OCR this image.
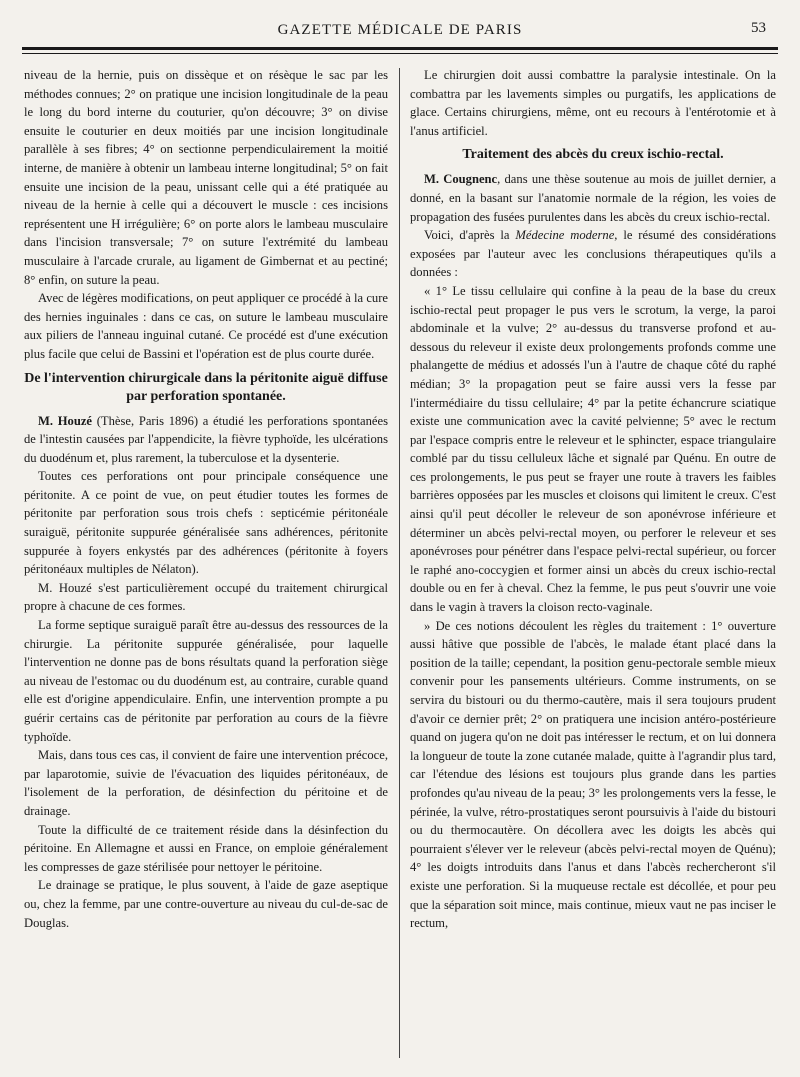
GAZETTE MÉDICALE DE PARIS	53

niveau de la hernie, puis on dissèque et on résèque le sac par les méthodes connues; 2° on pratique une incision longitudinale de la peau le long du bord interne du couturier, qu'on découvre; 3° on divise ensuite le couturier en deux moitiés par une incision longitudinale parallèle à ses fibres; 4° on sectionne perpendiculairement la moitié interne, de manière à obtenir un lambeau interne longitudinal; 5° on fait ensuite une incision de la peau, unissant celle qui a été pratiquée au niveau de la hernie à celle qui a découvert le muscle : ces incisions représentent une H irrégulière; 6° on porte alors le lambeau musculaire dans l'incision transversale; 7° on suture l'extrémité du lambeau musculaire à l'arcade crurale, au ligament de Gimbernat et au pectiné; 8° enfin, on suture la peau.

Avec de légères modifications, on peut appliquer ce procédé à la cure des hernies inguinales : dans ce cas, on suture le lambeau musculaire aux piliers de l'anneau inguinal cutané. Ce procédé est d'une exécution plus facile que celui de Bassini et l'opération est de plus courte durée.

De l'intervention chirurgicale dans la péritonite aiguë diffuse par perforation spontanée.

M. Houzé (Thèse, Paris 1896) a étudié les perforations spontanées de l'intestin causées par l'appendicite, la fièvre typhoïde, les ulcérations du duodénum et, plus rarement, la tuberculose et la dysenterie.

Toutes ces perforations ont pour principale conséquence une péritonite. A ce point de vue, on peut étudier toutes les formes de péritonite par perforation sous trois chefs : septicémie péritonéale suraiguë, péritonite suppurée généralisée sans adhérences, péritonite suppurée à foyers enkystés par des adhérences (péritonite à foyers péritonéaux multiples de Nélaton).

M. Houzé s'est particulièrement occupé du traitement chirurgical propre à chacune de ces formes.

La forme septique suraiguë paraît être au-dessus des ressources de la chirurgie. La péritonite suppurée généralisée, pour laquelle l'intervention ne donne pas de bons résultats quand la perforation siège au niveau de l'estomac ou du duodénum est, au contraire, curable quand elle est d'origine appendiculaire. Enfin, une intervention prompte a pu guérir certains cas de péritonite par perforation au cours de la fièvre typhoïde.

Mais, dans tous ces cas, il convient de faire une intervention précoce, par laparotomie, suivie de l'évacuation des liquides péritonéaux, de l'isolement de la perforation, de désinfection du péritoine et de drainage.

Toute la difficulté de ce traitement réside dans la désinfection du péritoine. En Allemagne et aussi en France, on emploie généralement les compresses de gaze stérilisée pour nettoyer le péritoine.

Le drainage se pratique, le plus souvent, à l'aide de gaze aseptique ou, chez la femme, par une contre-ouverture au niveau du cul-de-sac de Douglas.

Le chirurgien doit aussi combattre la paralysie intestinale. On la combattra par les lavements simples ou purgatifs, les applications de glace. Certains chirurgiens, même, ont eu recours à l'entérotomie et à l'anus artificiel.

Traitement des abcès du creux ischio-rectal.

M. Cougnenc, dans une thèse soutenue au mois de juillet dernier, a donné, en la basant sur l'anatomie normale de la région, les voies de propagation des fusées purulentes dans les abcès du creux ischio-rectal.

Voici, d'après la Médecine moderne, le résumé des considérations exposées par l'auteur avec les conclusions thérapeutiques qu'ils a données :

« 1° Le tissu cellulaire qui confine à la peau de la base du creux ischio-rectal peut propager le pus vers le scrotum, la verge, la paroi abdominale et la vulve; 2° au-dessus du transverse profond et au-dessous du releveur il existe deux prolongements profonds comme une phalangette de médius et adossés l'un à l'autre de chaque côté du raphé médian; 3° la propagation peut se faire aussi vers la fesse par l'intermédiaire du tissu cellulaire; 4° par la petite échancrure sciatique existe une communication avec la cavité pelvienne; 5° avec le rectum par l'espace compris entre le releveur et le sphincter, espace triangulaire comblé par du tissu celluleux lâche et signalé par Quénu. En outre de ces prolongements, le pus peut se frayer une route à travers les faibles barrières opposées par les muscles et cloisons qui limitent le creux. C'est ainsi qu'il peut décoller le releveur de son aponévrose inférieure et déterminer un abcès pelvi-rectal moyen, ou perforer le releveur et ses aponévroses pour pénétrer dans l'espace pelvi-rectal supérieur, ou forcer le raphé ano-coccygien et former ainsi un abcès du creux ischio-rectal double ou en fer à cheval. Chez la femme, le pus peut s'ouvrir une voie dans le vagin à travers la cloison recto-vaginale.

» De ces notions découlent les règles du traitement : 1° ouverture aussi hâtive que possible de l'abcès, le malade étant placé dans la position de la taille; cependant, la position genu-pectorale semble mieux convenir pour les pansements ultérieurs. Comme instruments, on se servira du bistouri ou du thermo-cautère, mais il sera toujours prudent d'avoir ce dernier prêt; 2° on pratiquera une incision antéro-postérieure quand on jugera qu'on ne doit pas intéresser le rectum, et on lui donnera la longueur de toute la zone cutanée malade, quitte à l'agrandir plus tard, car l'étendue des lésions est toujours plus grande dans les parties profondes qu'au niveau de la peau; 3° les prolongements vers la fesse, le périnée, la vulve, rétro-prostatiques seront poursuivis à l'aide du bistouri ou du thermocautère. On décollera avec les doigts les abcès qui pourraient s'élever ver le releveur (abcès pelvi-rectal moyen de Quénu); 4° les doigts introduits dans l'anus et dans l'abcès rechercheront s'il existe une perforation. Si la muqueuse rectale est décollée, et pour peu que la séparation soit mince, mais continue, mieux vaut ne pas inciser le rectum,
